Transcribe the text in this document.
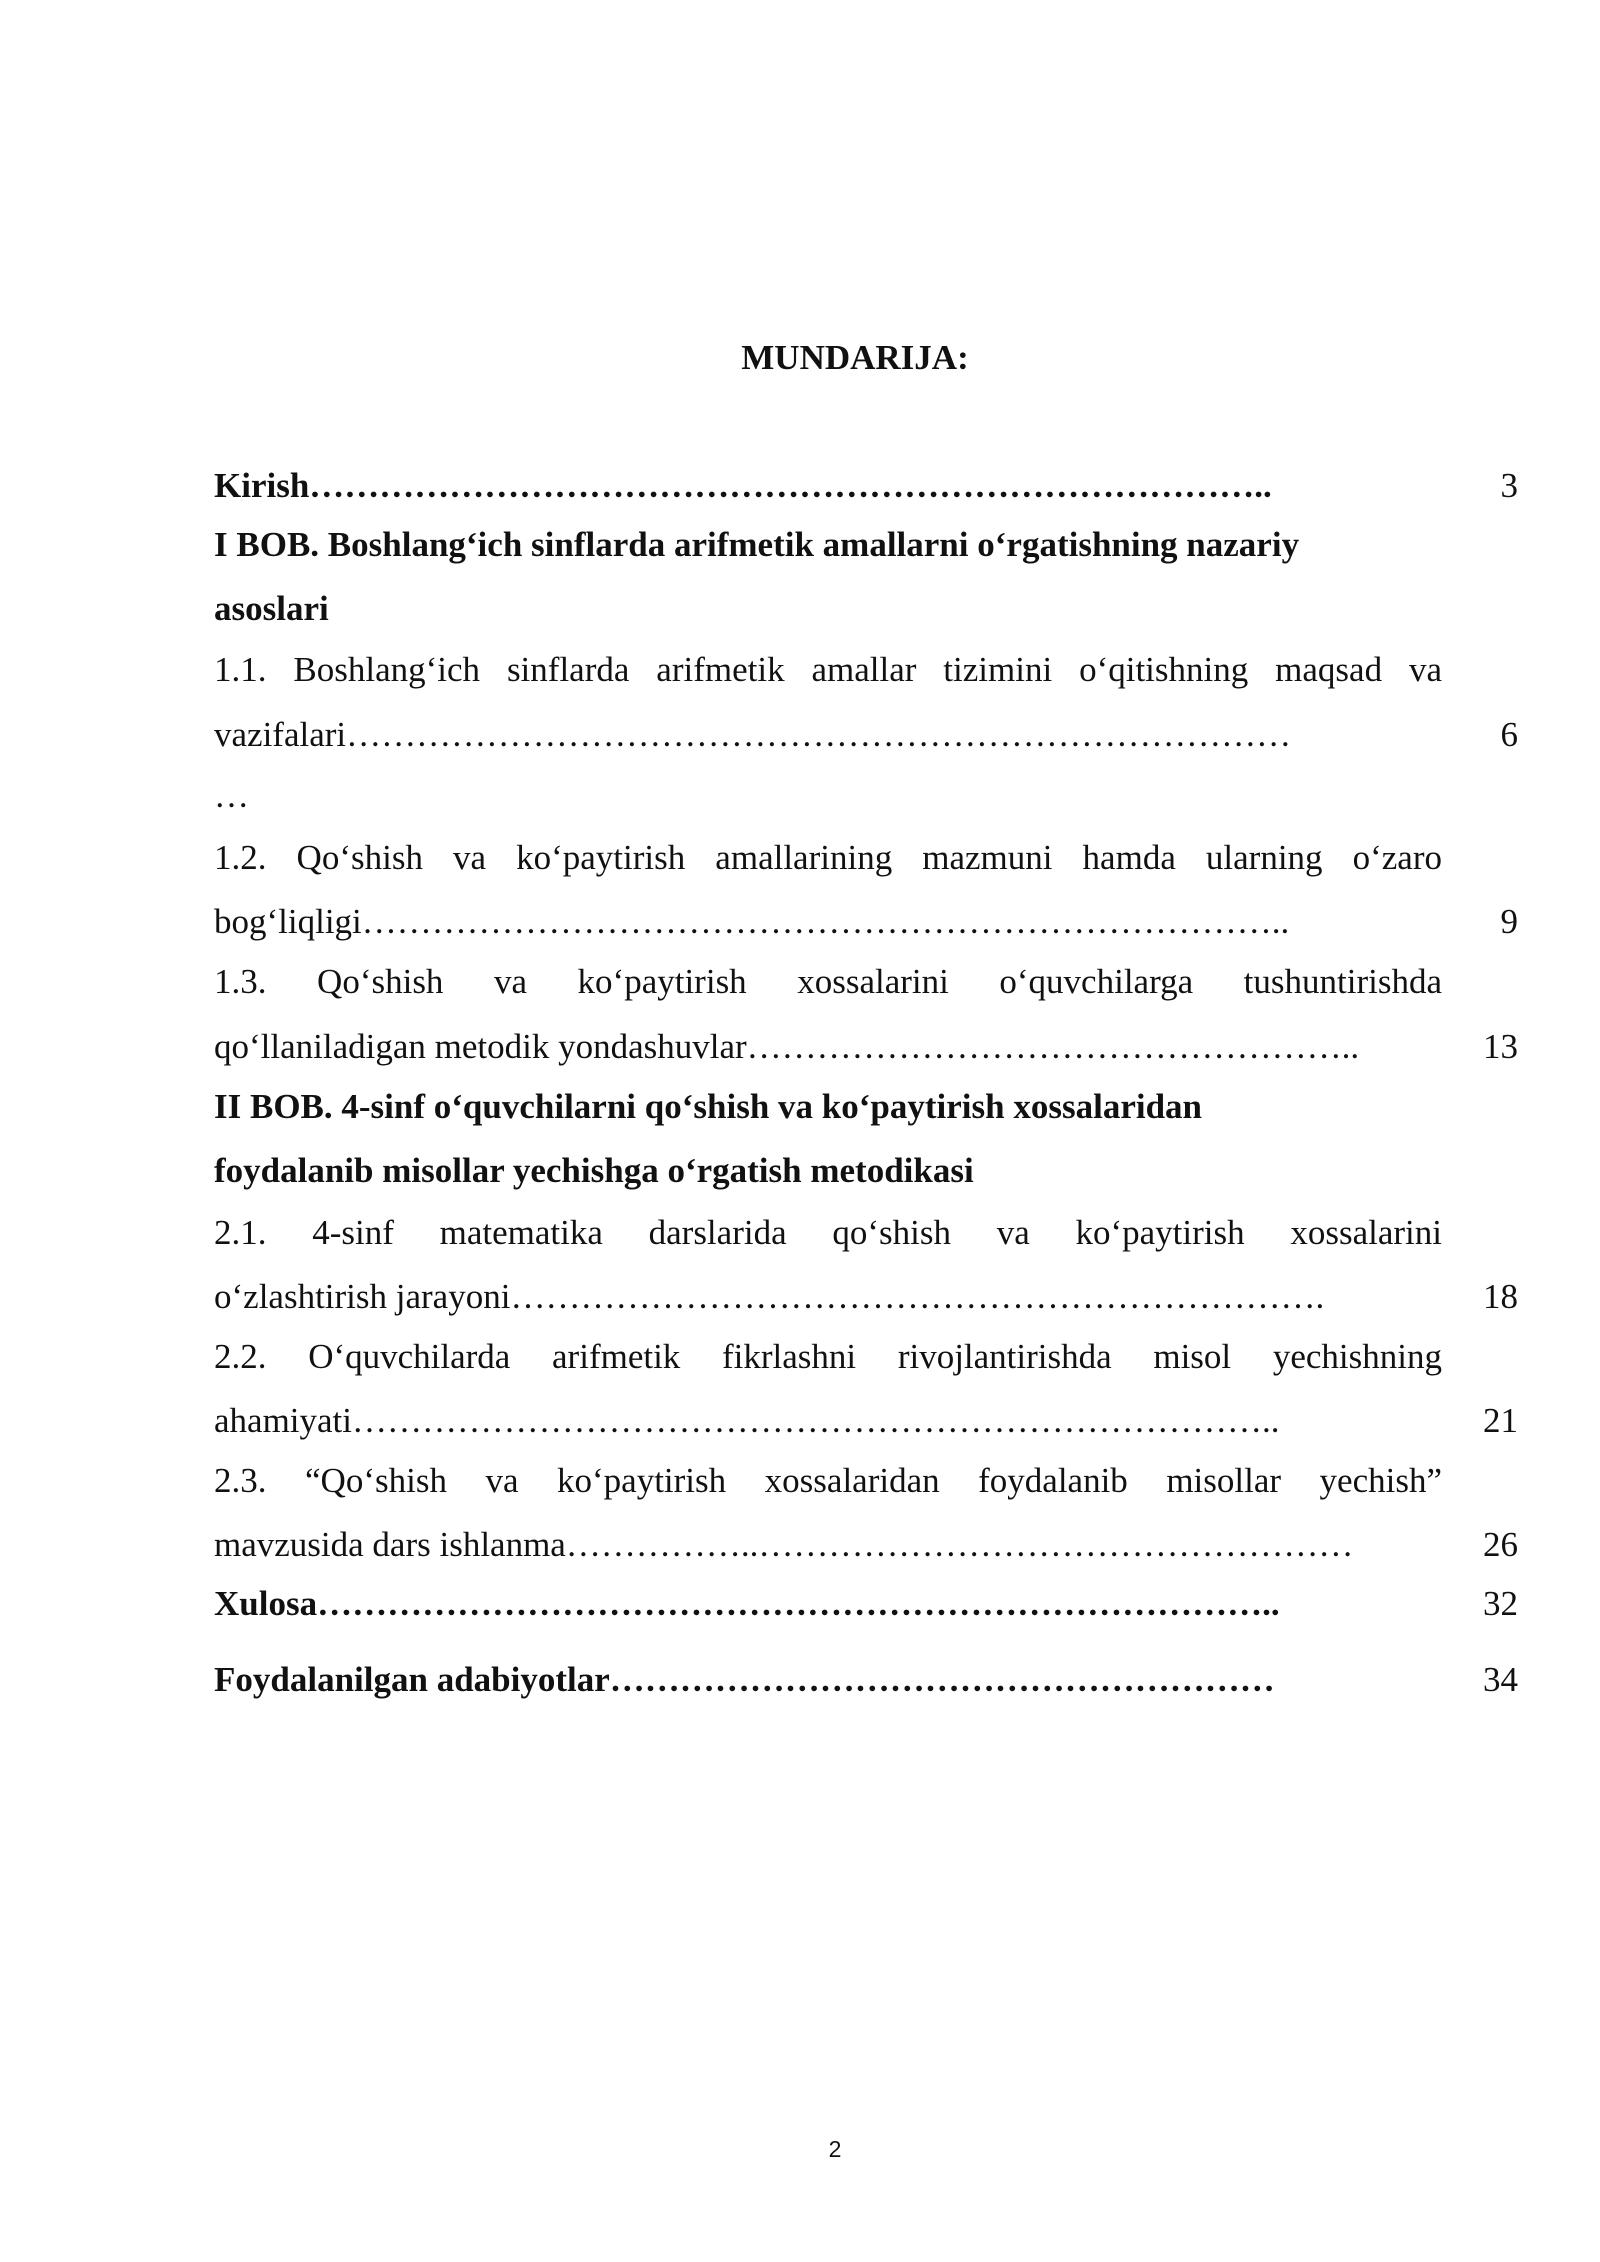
MUNDARIJA:
Kirish………………………………………………………………………..	3
I BOB. Boshlang‘ich sinflarda arifmetik amallarni o‘rgatishning nazariy
asoslari
1.1. Boshlang‘ich sinflarda arifmetik amallar tizimini o‘qitishning maqsad va
vazifalari………………………………………………………………………	6
…
1.2. Qo‘shish va ko‘paytirish amallarining mazmuni hamda ularning o‘zaro
bog‘liqligi……………………………………………………………………..	9
1.3. Qo‘shish va ko‘paytirish xossalarini o‘quvchilarga tushuntirishda
qo‘llaniladigan metodik yondashuvlar……………………………………………..	13
II BOB. 4-sinf o‘quvchilarni qo‘shish va ko‘paytirish xossalaridan
foydalanib misollar yechishga o‘rgatish metodikasi
2.1. 4-sinf matematika darslarida qo‘shish va ko‘paytirish xossalarini
o‘zlashtirish jarayoni…………………………………………………………….	18
2.2. O‘quvchilarda arifmetik fikrlashni rivojlantirishda misol yechishning
ahamiyati……………………………………………………………………..	21
2.3. “Qo‘shish va ko‘paytirish xossalaridan foydalanib misollar yechish”
mavzusida dars ishlanma……………..……………………………………………	26
Xulosa………………………………………………………………………..	32
Foydalanilgan adabiyotlar…………………………………………………	34
2
